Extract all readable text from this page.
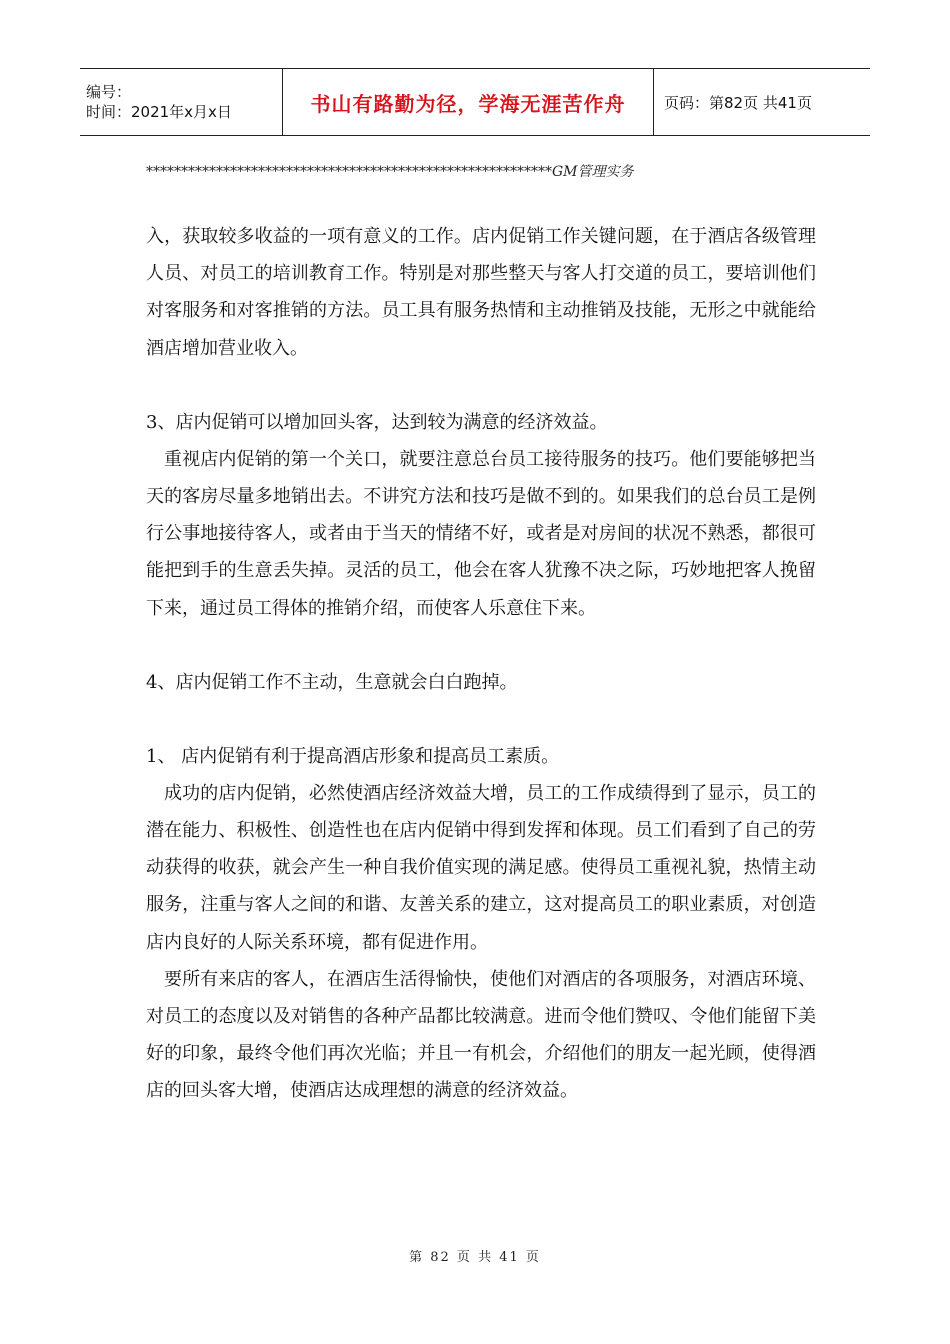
编号：
时间：2021年x月x日	书山有路勤为径，学海无涯苦作舟	页码：第82页 共41页
**********************************************************GM管理实务

入，获取较多收益的一项有意义的工作。店内促销工作关键问题，在于酒店各级管理人员、对员工的培训教育工作。特别是对那些整天与客人打交道的员工，要培训他们对客服务和对客推销的方法。员工具有服务热情和主动推销及技能，无形之中就能给酒店增加营业收入。

3、店内促销可以增加回头客，达到较为满意的经济效益。

重视店内促销的第一个关口，就要注意总台员工接待服务的技巧。他们要能够把当天的客房尽量多地销出去。不讲究方法和技巧是做不到的。如果我们的总台员工是例行公事地接待客人，或者由于当天的情绪不好，或者是对房间的状况不熟悉，都很可能把到手的生意丢失掉。灵活的员工，他会在客人犹豫不决之际，巧妙地把客人挽留下来，通过员工得体的推销介绍，而使客人乐意住下来。

4、店内促销工作不主动，生意就会白白跑掉。

1、 店内促销有利于提高酒店形象和提高员工素质。

成功的店内促销，必然使酒店经济效益大增，员工的工作成绩得到了显示，员工的潜在能力、积极性、创造性也在店内促销中得到发挥和体现。员工们看到了自己的劳动获得的收获，就会产生一种自我价值实现的满足感。使得员工重视礼貌，热情主动服务，注重与客人之间的和谐、友善关系的建立，这对提高员工的职业素质，对创造店内良好的人际关系环境，都有促进作用。

要所有来店的客人，在酒店生活得愉快，使他们对酒店的各项服务，对酒店环境、对员工的态度以及对销售的各种产品都比较满意。进而令他们赞叹、令他们能留下美好的印象，最终令他们再次光临；并且一有机会，介绍他们的朋友一起光顾，使得酒店的回头客大增，使酒店达成理想的满意的经济效益。

第 82 页 共 41 页
